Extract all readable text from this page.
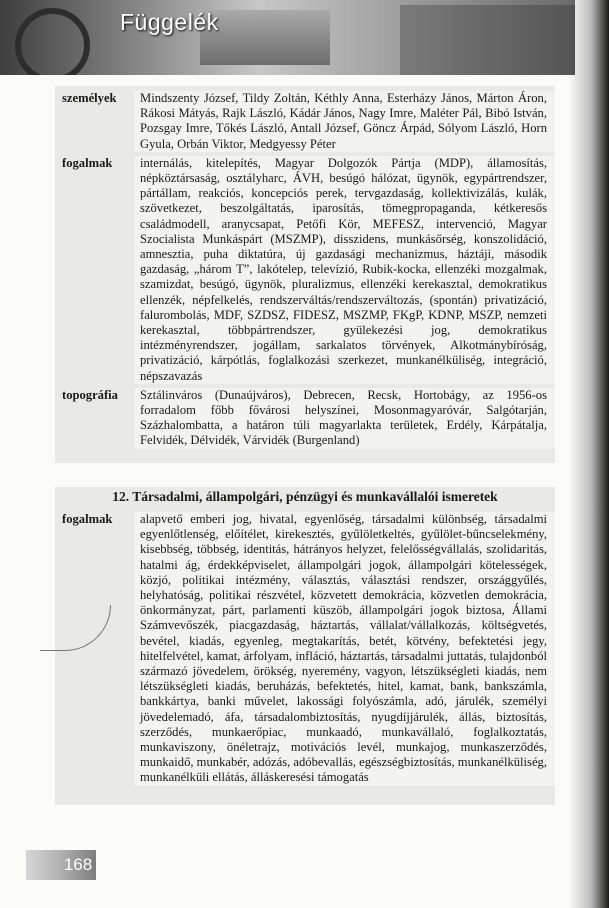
Függelék
személyek	Mindszenty József, Tildy Zoltán, Kéthly Anna, Esterházy János, Márton Áron, Rákosi Mátyás, Rajk László, Kádár János, Nagy Imre, Maléter Pál, Bibó István, Pozsgay Imre, Tőkés László, Antall József, Göncz Árpád, Sólyom László, Horn Gyula, Orbán Viktor, Medgyessy Péter
fogalmak	internálás, kitelepítés, Magyar Dolgozók Pártja (MDP), államosítás, népköztársaság, osztályharc, ÁVH, besúgó hálózat, ügynök, egypártrendszer, pártállam, reakciós, koncepciós perek, tervgazdaság, kollektivizálás, kulák, szövetkezet, beszolgáltatás, iparosítás, tömegpropaganda, kétkeresős családmodell, aranycsapat, Petőfi Kör, MEFESZ, intervenció, Magyar Szocialista Munkáspárt (MSZMP), disszidens, munkásőrség, konszolidáció, amnesztia, puha diktatúra, új gazdasági mechanizmus, háztáji, második gazdaság, „három T”, lakótelep, televízió, Rubik-kocka, ellenzéki mozgalmak, szamizdat, besúgó, ügynök, pluralizmus, ellenzéki kerekasztal, demokratikus ellenzék, népfelkelés, rendszerváltás/rendszerváltozás, (spontán) privatizáció, falurombolás, MDF, SZDSZ, FIDESZ, MSZMP, FKgP, KDNP, MSZP, nemzeti kerekasztal, többpártrendszer, gyülekezési jog, demokratikus intézményrendszer, jogállam, sarkalatos törvények, Alkotmánybíróság, privatizáció, kárpótlás, foglalkozási szerkezet, munkanélküliség, integráció, népszavazás
topográfia	Sztálinváros (Dunaújváros), Debrecen, Recsk, Hortobágy, az 1956-os forradalom főbb fővárosi helyszínei, Mosonmagyaróvár, Salgótarján, Százhalombatta, a határon túli magyarlakta területek, Erdély, Kárpátalja, Felvidék, Délvidék, Várvidék (Burgenland)
12. Társadalmi, állampolgári, pénzügyi és munkavállalói ismeretek
fogalmak	alapvető emberi jog, hivatal, egyenlőség, társadalmi különbség, társadalmi egyenlőtlenség, előítélet, kirekesztés, gyűlöletkeltés, gyűlölet-bűncselekmény, kisebbség, többség, identitás, hátrányos helyzet, felelősségvállalás, szolidaritás, hatalmi ág, érdekképviselet, állampolgári jogok, állampolgári kötelességek, közjó, politikai intézmény, választás, választási rendszer, országgyűlés, helyhatóság, politikai részvétel, közvetett demokrácia, közvetlen demokrácia, önkormányzat, párt, parlamenti küszöb, állampolgári jogok biztosa, Állami Számvevőszék, piacgazdaság, háztartás, vállalat/vállalkozás, költségvetés, bevétel, kiadás, egyenleg, megtakarítás, betét, kötvény, befektetési jegy, hitelfelvétel, kamat, árfolyam, infláció, háztartás, társadalmi juttatás, tulajdonból származó jövedelem, örökség, nyeremény, vagyon, létszükségleti kiadás, nem létszükségleti kiadás, beruházás, befektetés, hitel, kamat, bank, bankszámla, bankkártya, banki művelet, lakossági folyószámla, adó, járulék, személyi jövedelemadó, áfa, társadalombiztosítás, nyugdíjjárulék, állás, biztosítás, szerződés, munkaerőpiac, munkaadó, munkavállaló, foglalkoztatás, munkaviszony, önéletrajz, motivációs levél, munkajog, munkaszerződés, munkaidő, munkabér, adózás, adóbevallás, egészségbiztosítás, munkanélküliség, munkanélküli ellátás, álláskeresési támogatás
168
